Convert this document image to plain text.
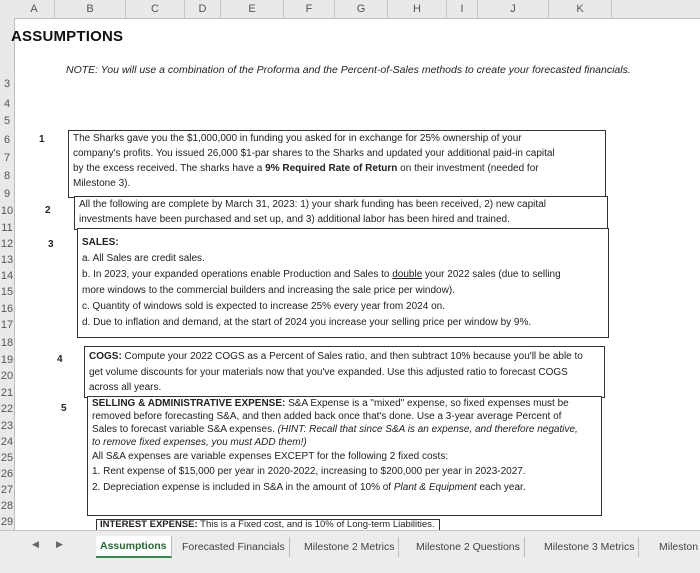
A	B	C	D	E	F	G	H	I	J	K
3
4
5
6
7
8
9
10
11
12
13
14
15
16
17
18
19
20
21
22
23
24
25
26
27
28
29
ASSUMPTIONS
NOTE: You will use a combination of the Proforma and the Percent-of-Sales methods to create your forecasted financials.
1	The Sharks gave you the $1,000,000 in funding you asked for in exchange for 25% ownership of your
company's profits. You issued 26,000 $1-par shares to the Sharks and updated your additional paid-in capital
by the excess received. The sharks have a 9% Required Rate of Return on their investment (needed for
Milestone 3).
2
All the following are complete by March 31, 2023: 1) your shark funding has been received, 2) new capital
investments have been purchased and set up, and 3) additional labor has been hired and trained.
3	SALES:
a. All Sales are credit sales.
b. In 2023, your expanded operations enable Production and Sales to double your 2022 sales (due to selling
more windows to the commercial builders and increasing the sale price per window).
c. Quantity of windows sold is expected to increase 25% every year from 2024 on.
d. Due to inflation and demand, at the start of 2024 you increase your selling price per window by 9%.
4	COGS: Compute your 2022 COGS as a Percent of Sales ratio, and then subtract 10% because you'll be able to
get volume discounts for your materials now that you've expanded. Use this adjusted ratio to forecast COGS
across all years.
5	SELLING & ADMINISTRATIVE EXPENSE: S&A Expense is a "mixed" expense, so fixed expenses must be
removed before forecasting S&A, and then added back once that's done. Use a 3-year average Percent of
Sales to forecast variable S&A expenses. (HINT: Recall that since S&A is an expense, and therefore negative,
to remove fixed expenses, you must ADD them!)
All S&A expenses are variable expenses EXCEPT for the following 2 fixed costs:
1. Rent expense of $15,000 per year in 2020-2022, increasing to $200,000 per year in 2023-2027.
2. Depreciation expense is included in S&A in the amount of 10% of Plant & Equipment each year.
INTEREST EXPENSE: This is a Fixed cost, and is 10% of Long-term Liabilities.
◀ ▶	Assumptions	Forecasted Financials	Milestone 2 Metrics	Milestone 2 Questions	Milestone 3 Metrics	Mileston
